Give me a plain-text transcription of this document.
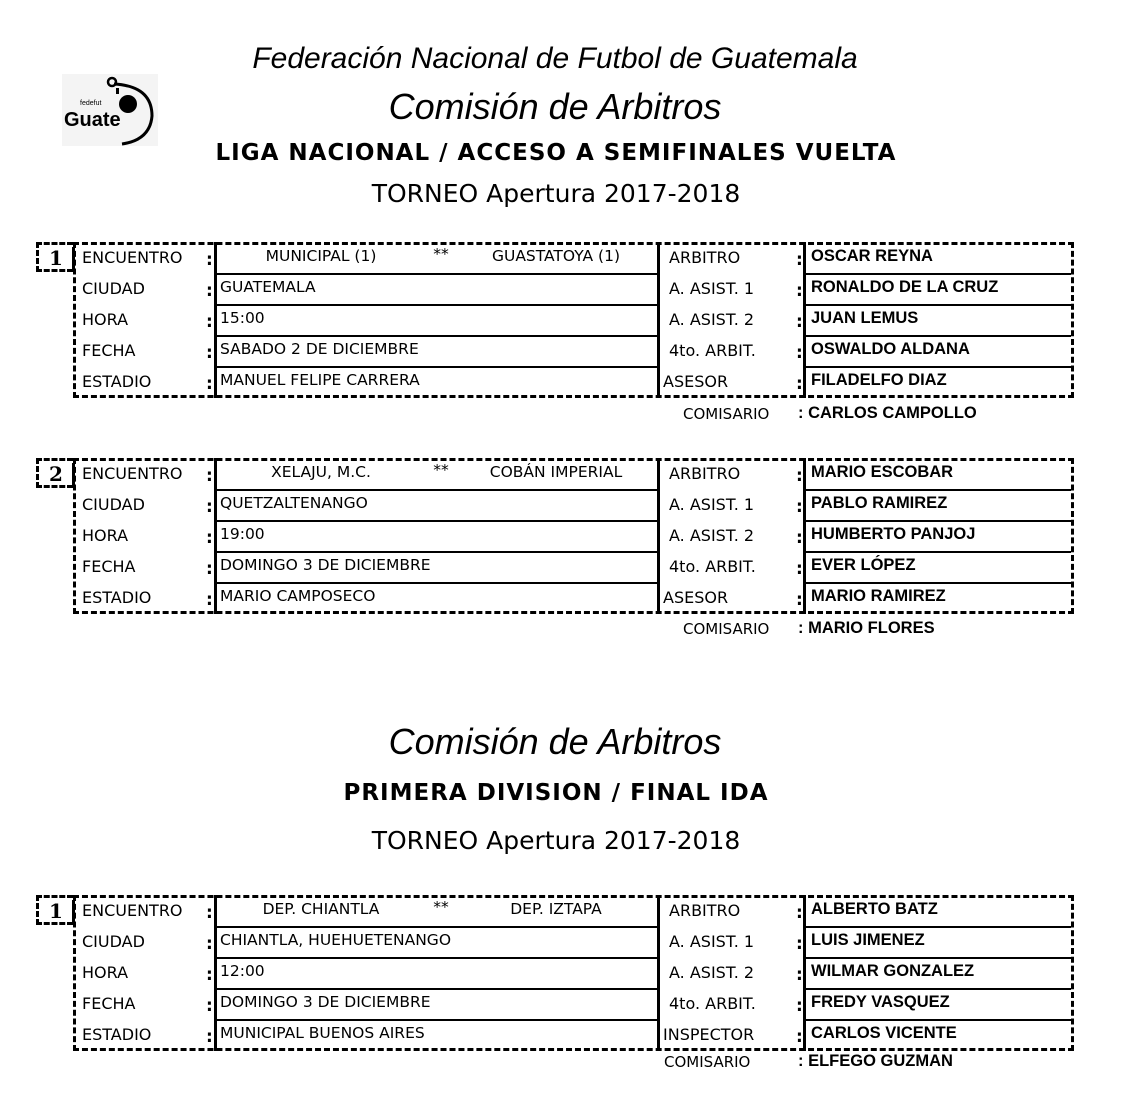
fedefut
Guate
Federación Nacional de Futbol de Guatemala
Comisión de Arbitros
LIGA NACIONAL / ACCESO A SEMIFINALES VUELTA
TORNEO Apertura 2017-2018
Comisión de Arbitros
PRIMERA DIVISION / FINAL IDA
TORNEO Apertura 2017-2018
1	ENCUENTRO :	MUNICIPAL (1)	**	GUASTATOYA (1)	ARBITRO	: OSCAR REYNA
CIUDAD	: GUATEMALA	A. ASIST. 1 : RONALDO DE LA CRUZ
HORA	: 15:00	A. ASIST. 2 : JUAN LEMUS
FECHA	: SABADO 2 DE DICIEMBRE	4to. ARBIT. : OSWALDO ALDANA
ESTADIO	: MANUEL FELIPE CARRERA	ASESOR	: FILADELFO DIAZ
COMISARIO : CARLOS CAMPOLLO
2	ENCUENTRO :	XELAJU, M.C.	**	COBÁN IMPERIAL	ARBITRO	: MARIO ESCOBAR
CIUDAD	: QUETZALTENANGO	A. ASIST. 1 : PABLO RAMIREZ
HORA	: 19:00	A. ASIST. 2 : HUMBERTO PANJOJ
FECHA	: DOMINGO 3 DE DICIEMBRE	4to. ARBIT. : EVER LÓPEZ
ESTADIO	: MARIO CAMPOSECO	ASESOR	: MARIO RAMIREZ
COMISARIO : MARIO FLORES
1	ENCUENTRO :	DEP. CHIANTLA	**	DEP. IZTAPA	ARBITRO	: ALBERTO BATZ
CIUDAD	: CHIANTLA, HUEHUETENANGO	A. ASIST. 1 : LUIS JIMENEZ
HORA	: 12:00	A. ASIST. 2 : WILMAR GONZALEZ
FECHA	: DOMINGO 3 DE DICIEMBRE	4to. ARBIT. : FREDY VASQUEZ
ESTADIO	: MUNICIPAL BUENOS AIRES	INSPECTOR : CARLOS VICENTE
COMISARIO	: ELFEGO GUZMAN
